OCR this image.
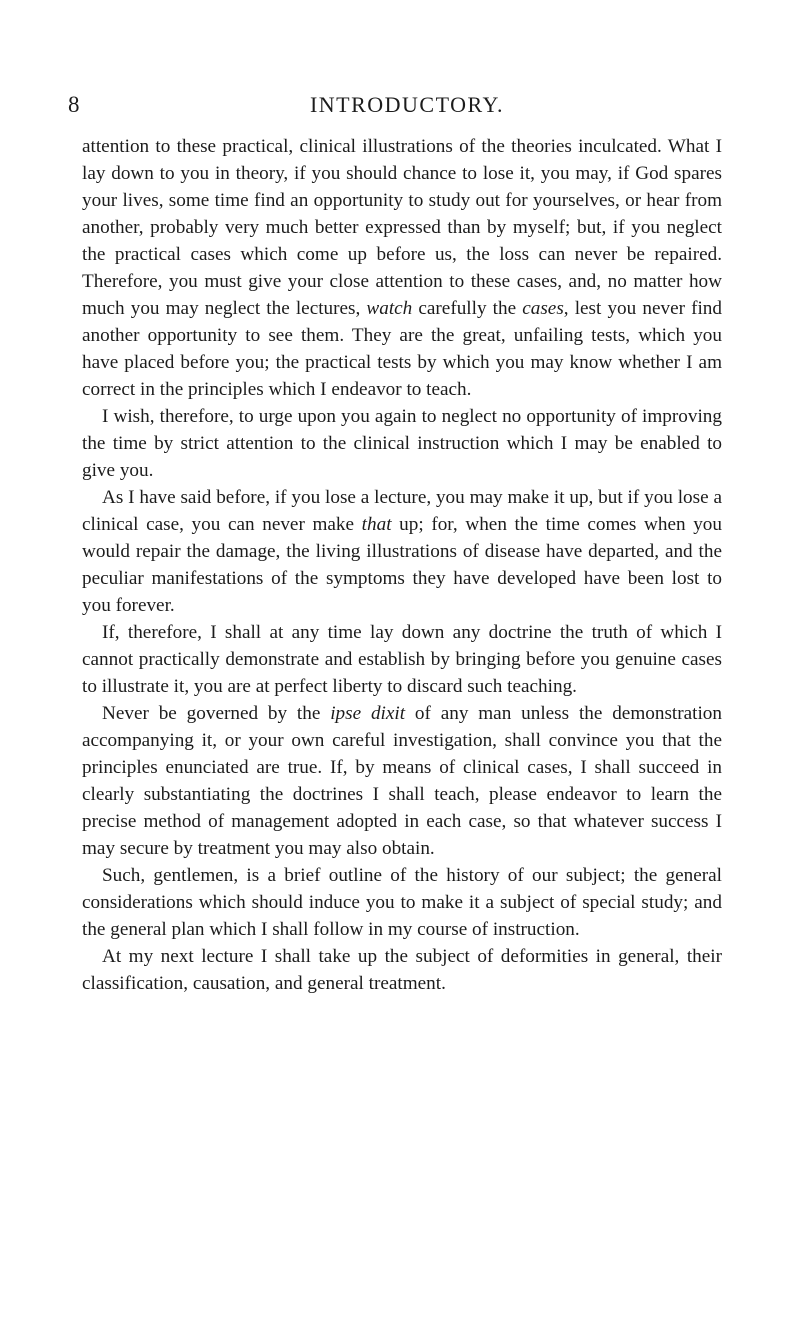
8	INTRODUCTORY.

attention to these practical, clinical illustrations of the theories inculcated. What I lay down to you in theory, if you should chance to lose it, you may, if God spares your lives, some time find an opportunity to study out for yourselves, or hear from another, probably very much better expressed than by myself; but, if you neglect the practical cases which come up before us, the loss can never be repaired. Therefore, you must give your close attention to these cases, and, no matter how much you may neglect the lectures, watch carefully the cases, lest you never find another opportunity to see them. They are the great, unfailing tests, which you have placed before you; the practical tests by which you may know whether I am correct in the principles which I endeavor to teach.

I wish, therefore, to urge upon you again to neglect no opportunity of improving the time by strict attention to the clinical instruction which I may be enabled to give you.

As I have said before, if you lose a lecture, you may make it up, but if you lose a clinical case, you can never make that up; for, when the time comes when you would repair the damage, the living illustrations of disease have departed, and the peculiar manifestations of the symptoms they have developed have been lost to you forever.

If, therefore, I shall at any time lay down any doctrine the truth of which I cannot practically demonstrate and establish by bringing before you genuine cases to illustrate it, you are at perfect liberty to discard such teaching.

Never be governed by the ipse dixit of any man unless the demonstration accompanying it, or your own careful investigation, shall convince you that the principles enunciated are true. If, by means of clinical cases, I shall succeed in clearly substantiating the doctrines I shall teach, please endeavor to learn the precise method of management adopted in each case, so that whatever success I may secure by treatment you may also obtain.

Such, gentlemen, is a brief outline of the history of our subject; the general considerations which should induce you to make it a subject of special study; and the general plan which I shall follow in my course of instruction.

At my next lecture I shall take up the subject of deformities in general, their classification, causation, and general treatment.
